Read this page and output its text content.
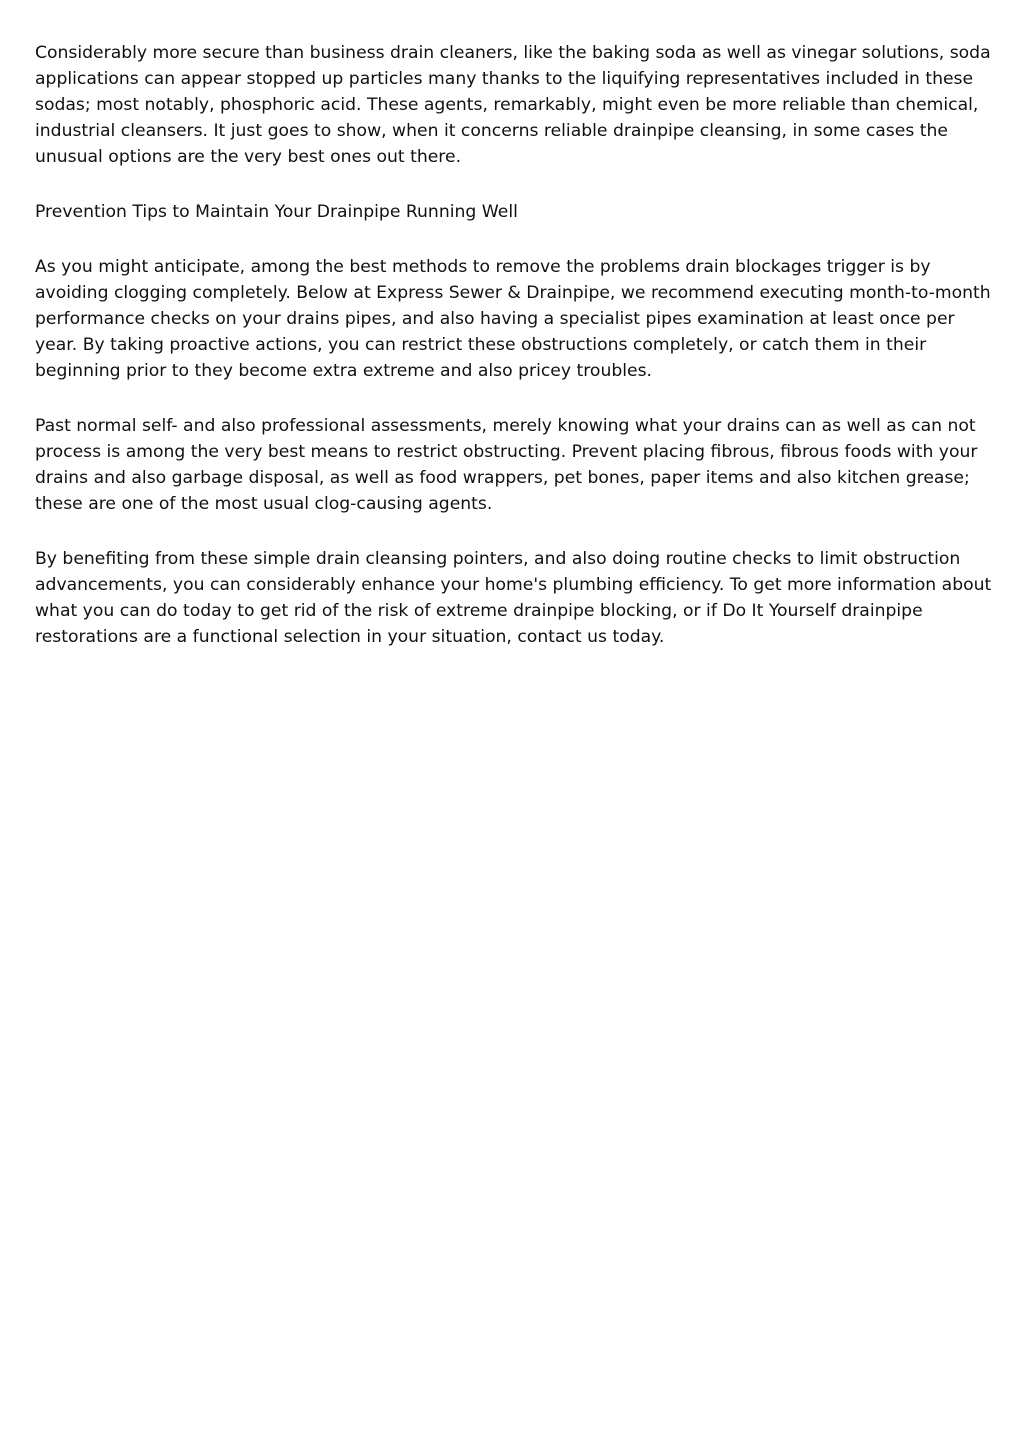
Considerably more secure than business drain cleaners, like the baking soda as well as vinegar solutions, soda applications can appear stopped up particles many thanks to the liquifying representatives included in these sodas; most notably, phosphoric acid. These agents, remarkably, might even be more reliable than chemical, industrial cleansers. It just goes to show, when it concerns reliable drainpipe cleansing, in some cases the unusual options are the very best ones out there.

Prevention Tips to Maintain Your Drainpipe Running Well

As you might anticipate, among the best methods to remove the problems drain blockages trigger is by avoiding clogging completely. Below at Express Sewer & Drainpipe, we recommend executing month-to-month performance checks on your drains pipes, and also having a specialist pipes examination at least once per year. By taking proactive actions, you can restrict these obstructions completely, or catch them in their beginning prior to they become extra extreme and also pricey troubles.

Past normal self- and also professional assessments, merely knowing what your drains can as well as can not process is among the very best means to restrict obstructing. Prevent placing fibrous, fibrous foods with your drains and also garbage disposal, as well as food wrappers, pet bones, paper items and also kitchen grease; these are one of the most usual clog-causing agents.

By benefiting from these simple drain cleansing pointers, and also doing routine checks to limit obstruction advancements, you can considerably enhance your home's plumbing efficiency. To get more information about what you can do today to get rid of the risk of extreme drainpipe blocking, or if Do It Yourself drainpipe restorations are a functional selection in your situation, contact us today.
